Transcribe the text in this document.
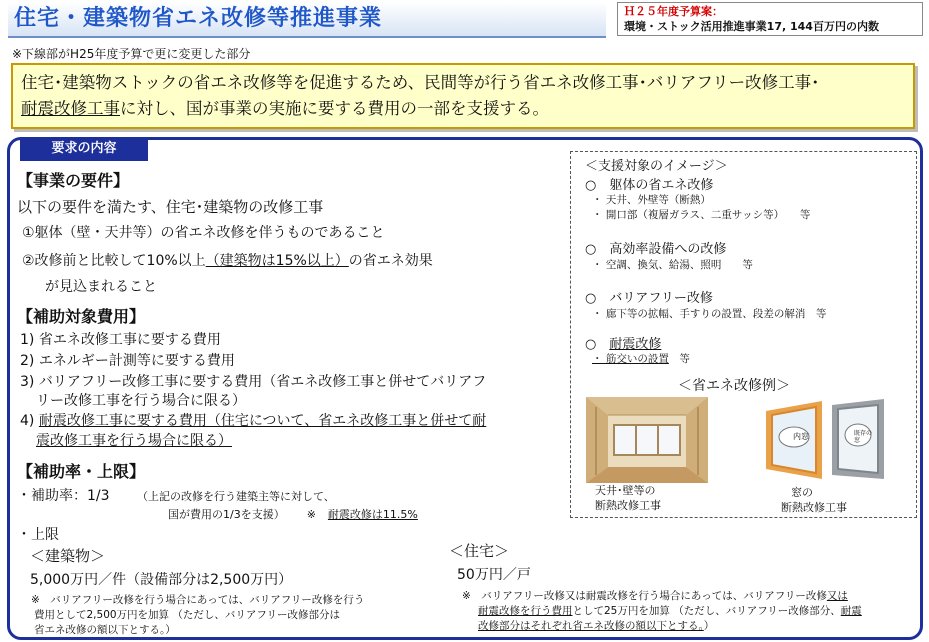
住宅・建築物省エネ改修等推進事業	Ｈ２５年度予算案：
環境・ストック活用推進事業17, 144百万円の内数
※下線部がH25年度予算で更に変更した部分
住宅･建築物ストックの省エネ改修等を促進するため、民間等が行う省エネ改修工事･バリアフリー改修工事･
耐震改修工事に対し、国が事業の実施に要する費用の一部を支援する。
要求の内容
【事業の要件】
以下の要件を満たす、住宅･建築物の改修工事
①躯体（壁・天井等）の省エネ改修を伴うものであること
②改修前と比較して10%以上（建築物は15%以上）の省エネ効果
が見込まれること
【補助対象費用】
1) 省エネ改修工事に要する費用
2) エネルギー計測等に要する費用
3) バリアフリー改修工事に要する費用（省エネ改修工事と併せてバリアフ
リー改修工事を行う場合に限る）
4) 耐震改修工事に要する費用（住宅について、省エネ改修工事と併せて耐
震改修工事を行う場合に限る）
【補助率・上限】
・補助率：1/3 （上記の改修を行う建築主等に対して、
国が費用の1/3を支援） ※ 耐震改修は11.5%
・上限
＜建築物＞
5,000万円／件（設備部分は2,500万円）
※　バリアフリー改修を行う場合にあっては、バリアフリー改修を行う
費用として2,500万円を加算 （ただし、バリアフリー改修部分は
省エネ改修の額以下とする。）
＜住宅＞
50万円／戸
※　バリアフリー改修又は耐震改修を行う場合にあっては、バリアフリー改修又は
耐震改修を行う費用として25万円を加算 （ただし、バリアフリー改修部分、耐震
改修部分はそれぞれ省エネ改修の額以下とする。）
＜支援対象のイメージ＞
○　躯体の省エネ改修
・ 天井、外壁等（断熱）
・ 開口部（複層ガラス、二重サッシ等）　　等
○　高効率設備への改修
・ 空調、換気、給湯、照明　　等
○　バリアフリー改修
・ 廊下等の拡幅、手すりの設置、段差の解消　等
○　耐震改修
・ 筋交いの設置　等
＜省エネ改修例＞
天井･壁等の
断熱改修工事
内窓	既存の窓
窓の
断熱改修工事
